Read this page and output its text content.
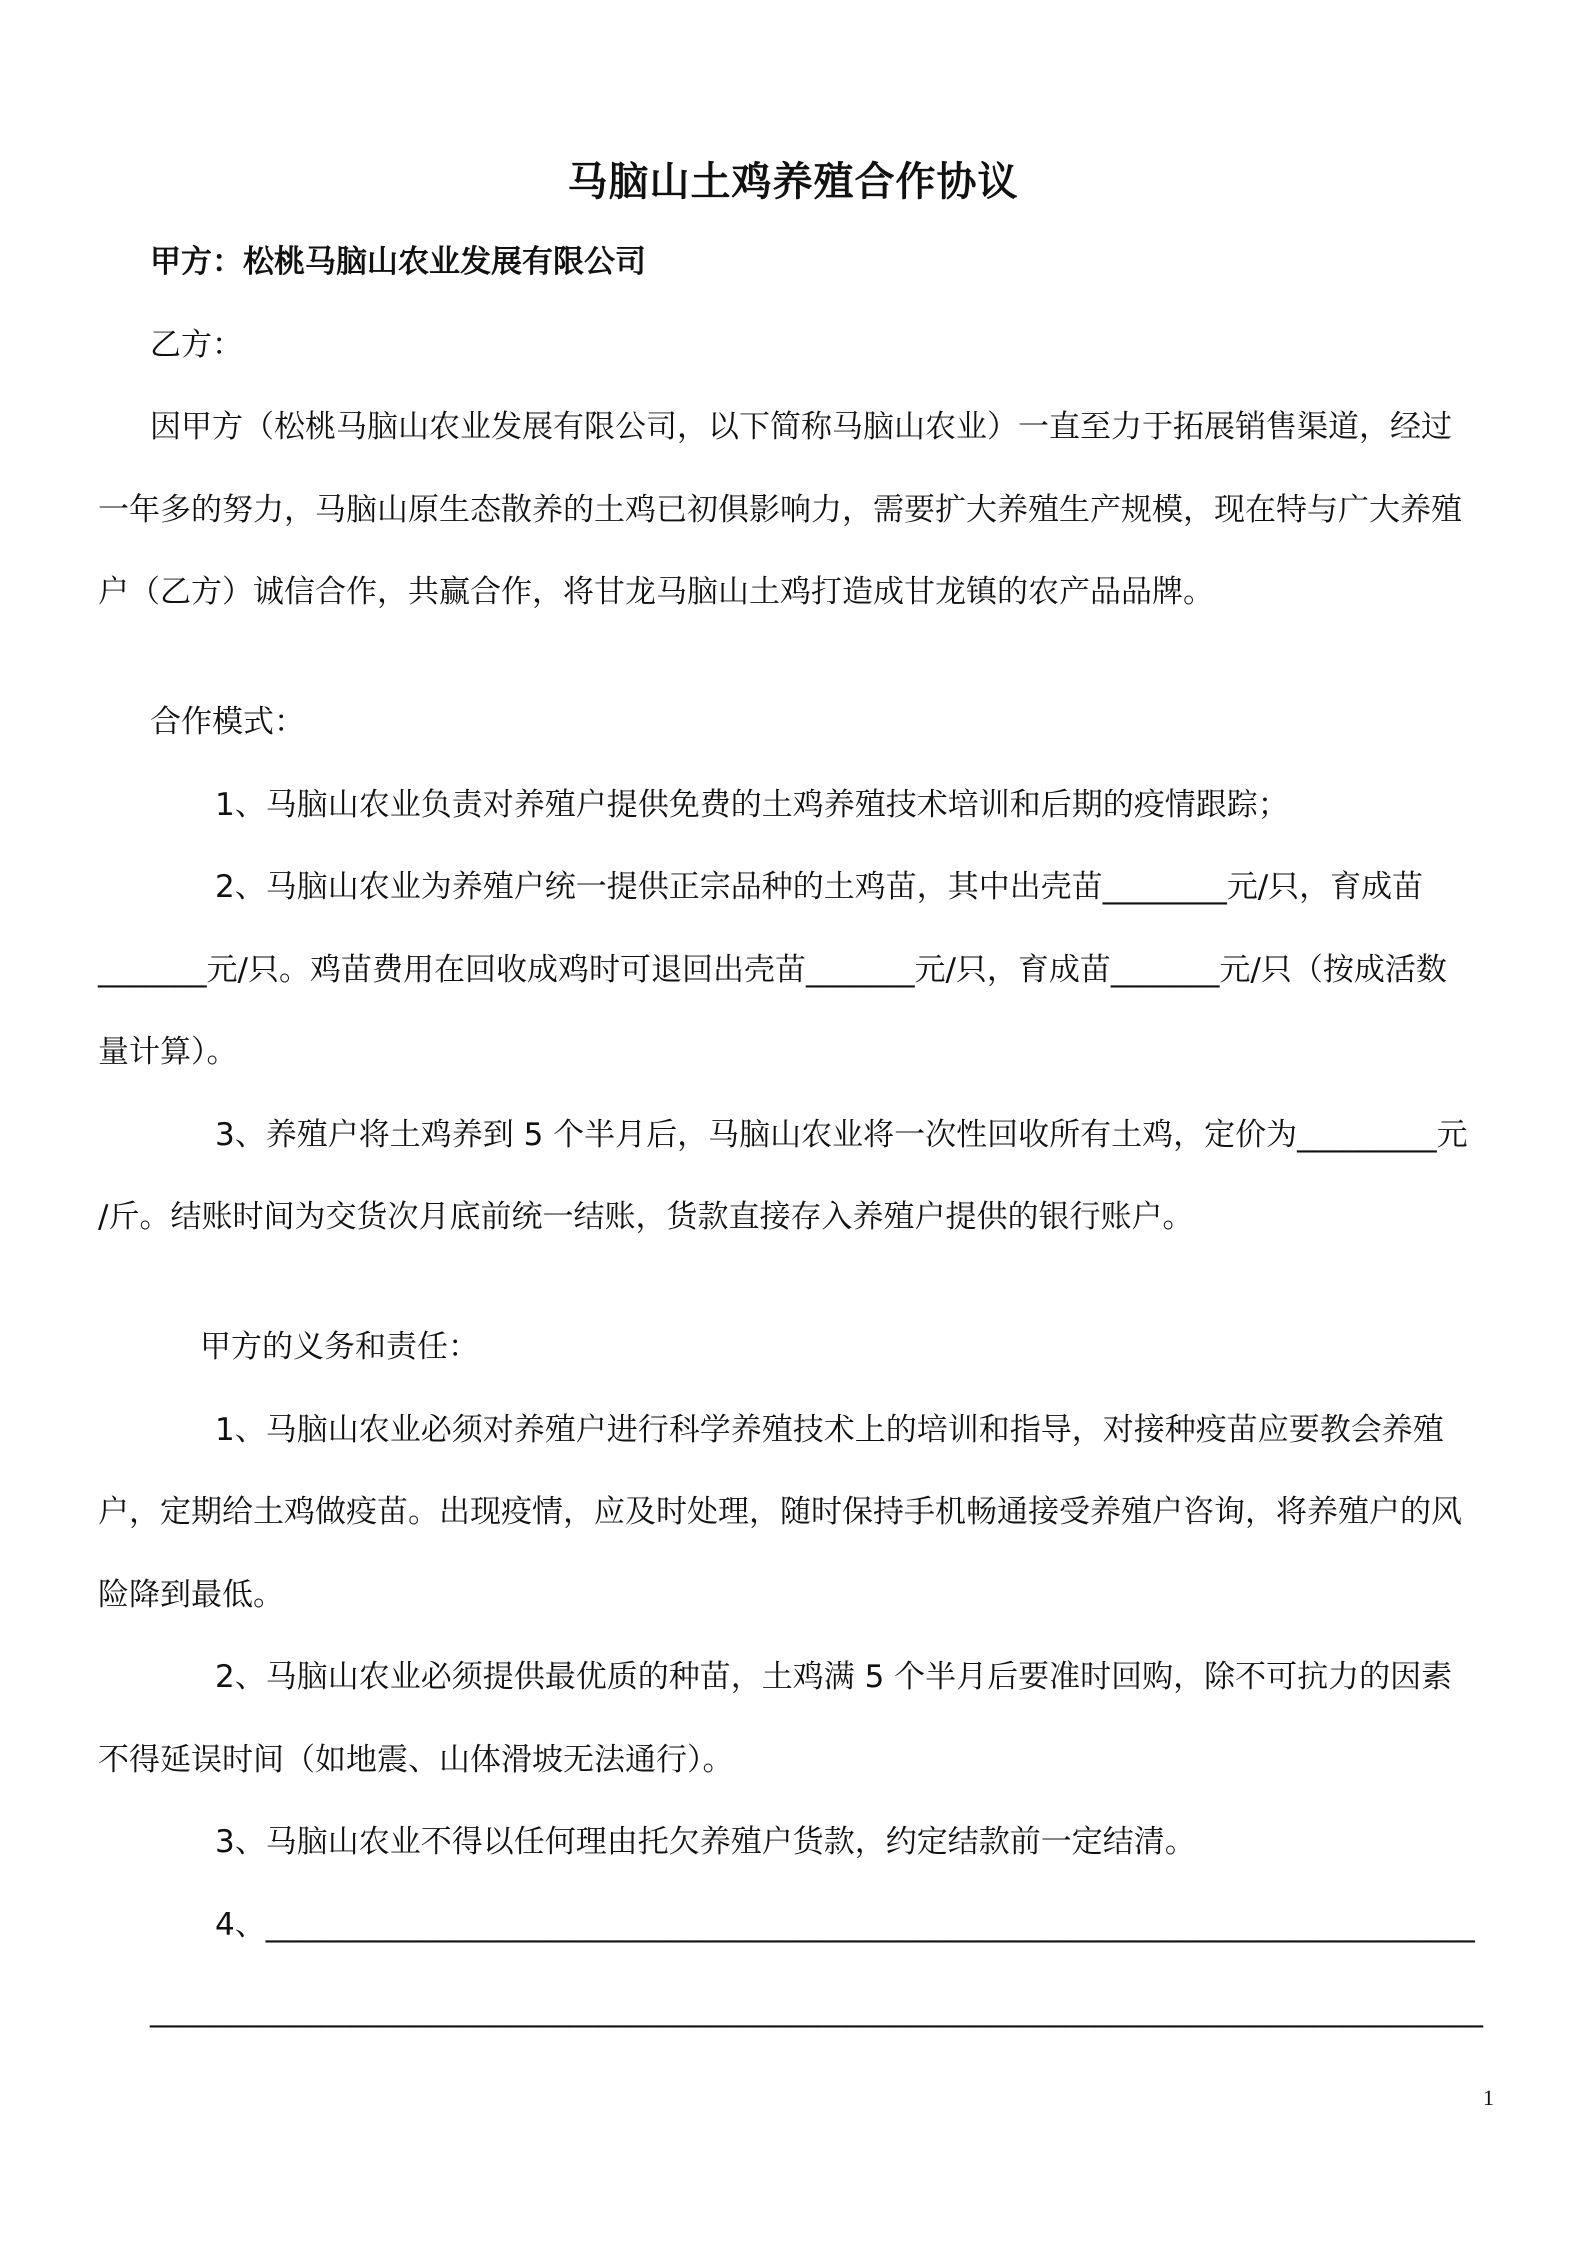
马脑山土鸡养殖合作协议
甲方：松桃马脑山农业发展有限公司
乙方：
因甲方（松桃马脑山农业发展有限公司，以下简称马脑山农业）一直至力于拓展销售渠道，经过
一年多的努力，马脑山原生态散养的土鸡已初俱影响力，需要扩大养殖生产规模，现在特与广大养殖
户（乙方）诚信合作，共赢合作，将甘龙马脑山土鸡打造成甘龙镇的农产品品牌。
合作模式：
1、马脑山农业负责对养殖户提供免费的土鸡养殖技术培训和后期的疫情跟踪；
2、马脑山农业为养殖户统一提供正宗品种的土鸡苗，其中出壳苗________元/只，育成苗
_______元/只。鸡苗费用在回收成鸡时可退回出壳苗_______元/只，育成苗_______元/只（按成活数
量计算）。
3、养殖户将土鸡养到 5 个半月后，马脑山农业将一次性回收所有土鸡，定价为_________元
/斤。结账时间为交货次月底前统一结账，货款直接存入养殖户提供的银行账户。
甲方的义务和责任：
1、马脑山农业必须对养殖户进行科学养殖技术上的培训和指导，对接种疫苗应要教会养殖
户，定期给土鸡做疫苗。出现疫情，应及时处理，随时保持手机畅通接受养殖户咨询，将养殖户的风
险降到最低。
2、马脑山农业必须提供最优质的种苗，土鸡满 5 个半月后要准时回购，除不可抗力的因素
不得延误时间（如地震、山体滑坡无法通行）。
3、马脑山农业不得以任何理由托欠养殖户货款，约定结款前一定结清。
4、______________________________________________________________________________
______________________________________________________________________________________
1
